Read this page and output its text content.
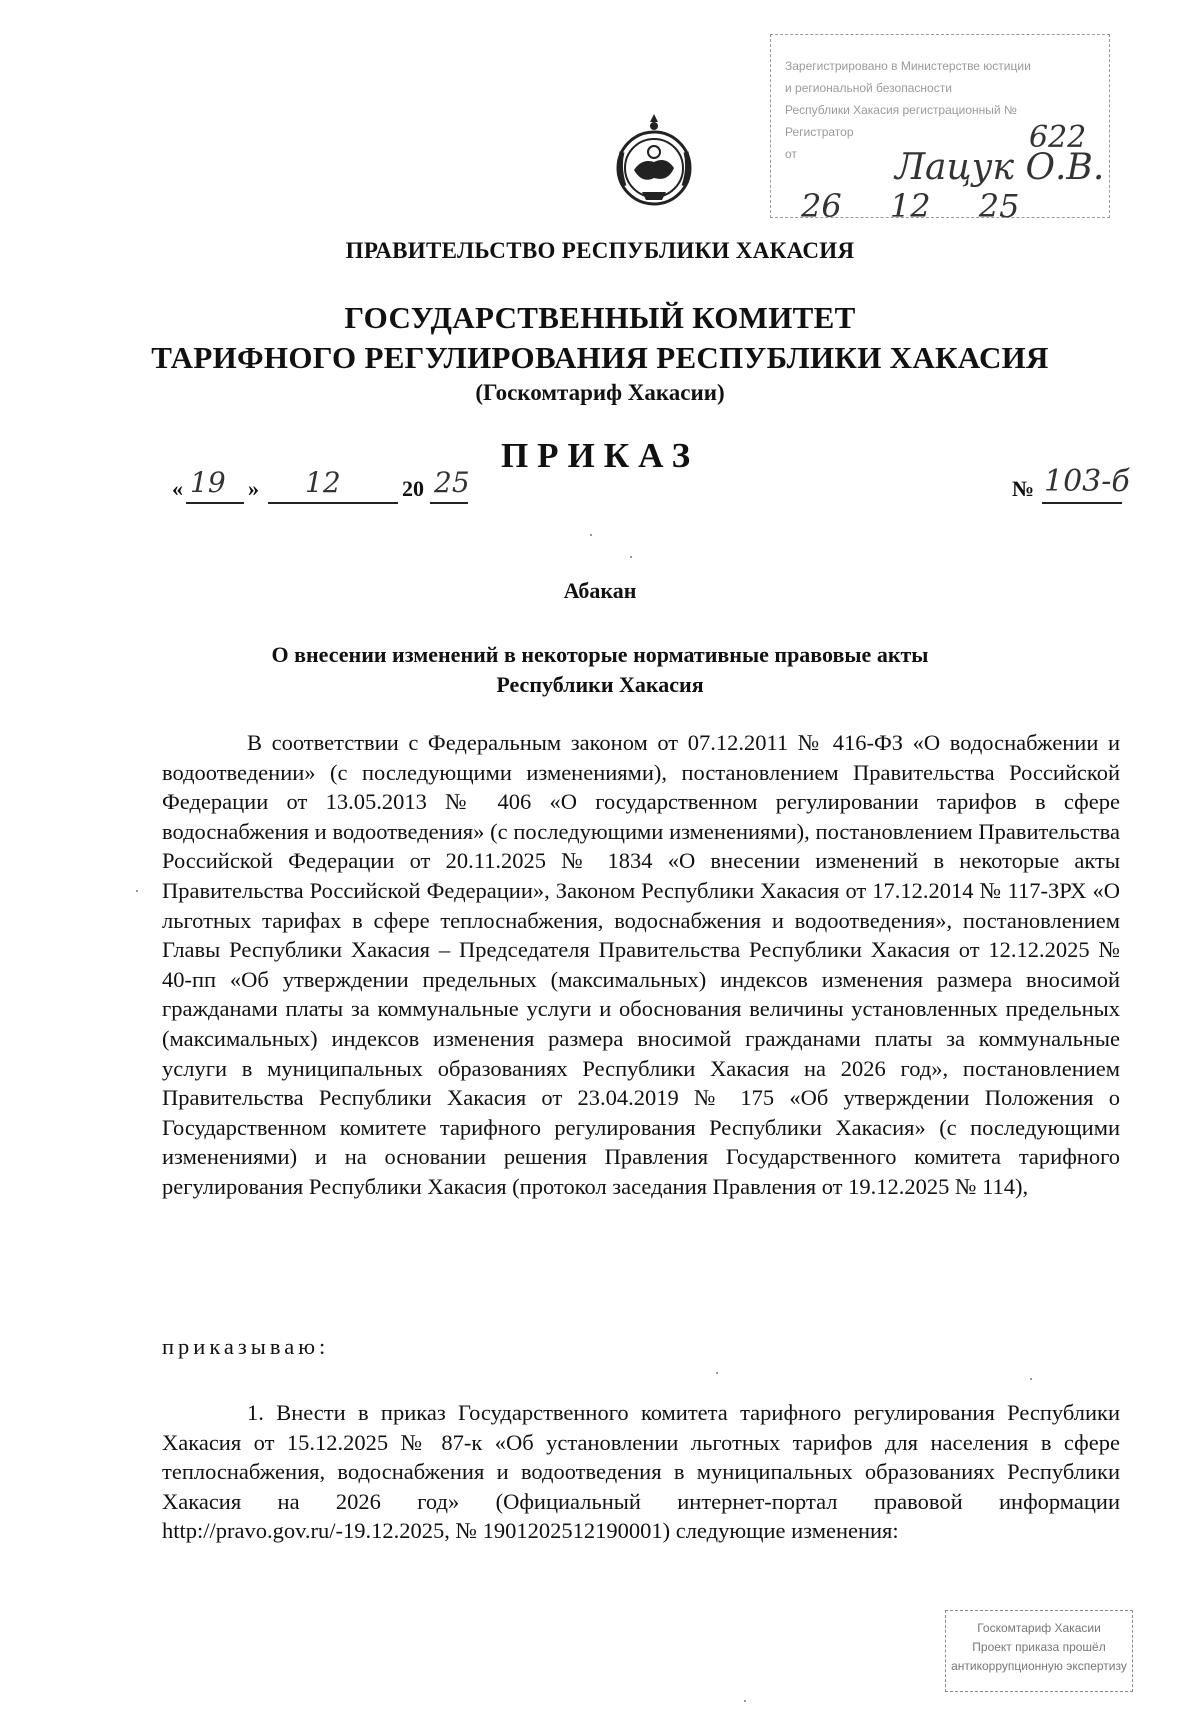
Зарегистрировано в Министерстве юстиции
и региональной безопасности
Республики Хакасия регистрационный №
Регистратор
от	622
Лацук О.В.
26 12 25
ПРАВИТЕЛЬСТВО РЕСПУБЛИКИ ХАКАСИЯ
ГОСУДАРСТВЕННЫЙ КОМИТЕТ
ТАРИФНОГО РЕГУЛИРОВАНИЯ РЕСПУБЛИКИ ХАКАСИЯ
(Госкомтариф Хакасии)
ПРИКАЗ
« 19 » 12	20 25	№ 103-б
Абакан
О внесении изменений в некоторые нормативные правовые акты
Республики Хакасия
В соответствии с Федеральным законом от 07.12.2011 № 416-ФЗ «О водоснабжении и водоотведении» (с последующими изменениями), постановлением Правительства Российской Федерации от 13.05.2013 № 406 «О государственном регулировании тарифов в сфере водоснабжения и водоотведения» (с последующими изменениями), постановлением Правительства Российской Федерации от 20.11.2025 № 1834 «О внесении изменений в некоторые акты Правительства Российской Федерации», Законом Республики Хакасия от 17.12.2014 № 117-ЗРХ «О льготных тарифах в сфере теплоснабжения, водоснабжения и водоотведения», постановлением Главы Республики Хакасия – Председателя Правительства Республики Хакасия от 12.12.2025 № 40-пп «Об утверждении предельных (максимальных) индексов изменения размера вносимой гражданами платы за коммунальные услуги и обоснования величины установленных предельных (максимальных) индексов изменения размера вносимой гражданами платы за коммунальные услуги в муниципальных образованиях Республики Хакасия на 2026 год», постановлением Правительства Республики Хакасия от 23.04.2019 № 175 «Об утверждении Положения о Государственном комитете тарифного регулирования Республики Хакасия» (с последующими изменениями) и на основании решения Правления Государственного комитета тарифного регулирования Республики Хакасия (протокол заседания Правления от 19.12.2025 № 114),
приказываю:
1. Внести в приказ Государственного комитета тарифного регулирования Республики Хакасия от 15.12.2025 № 87-к «Об установлении льготных тарифов для населения в сфере теплоснабжения, водоснабжения и водоотведения в муниципальных образованиях Республики Хакасия на 2026 год» (Официальный интернет-портал правовой информации http://pravo.gov.ru/-19.12.2025, № 1901202512190001) следующие изменения:
Госкомтариф Хакасии
Проект приказа прошёл
антикоррупционную экспертизу
